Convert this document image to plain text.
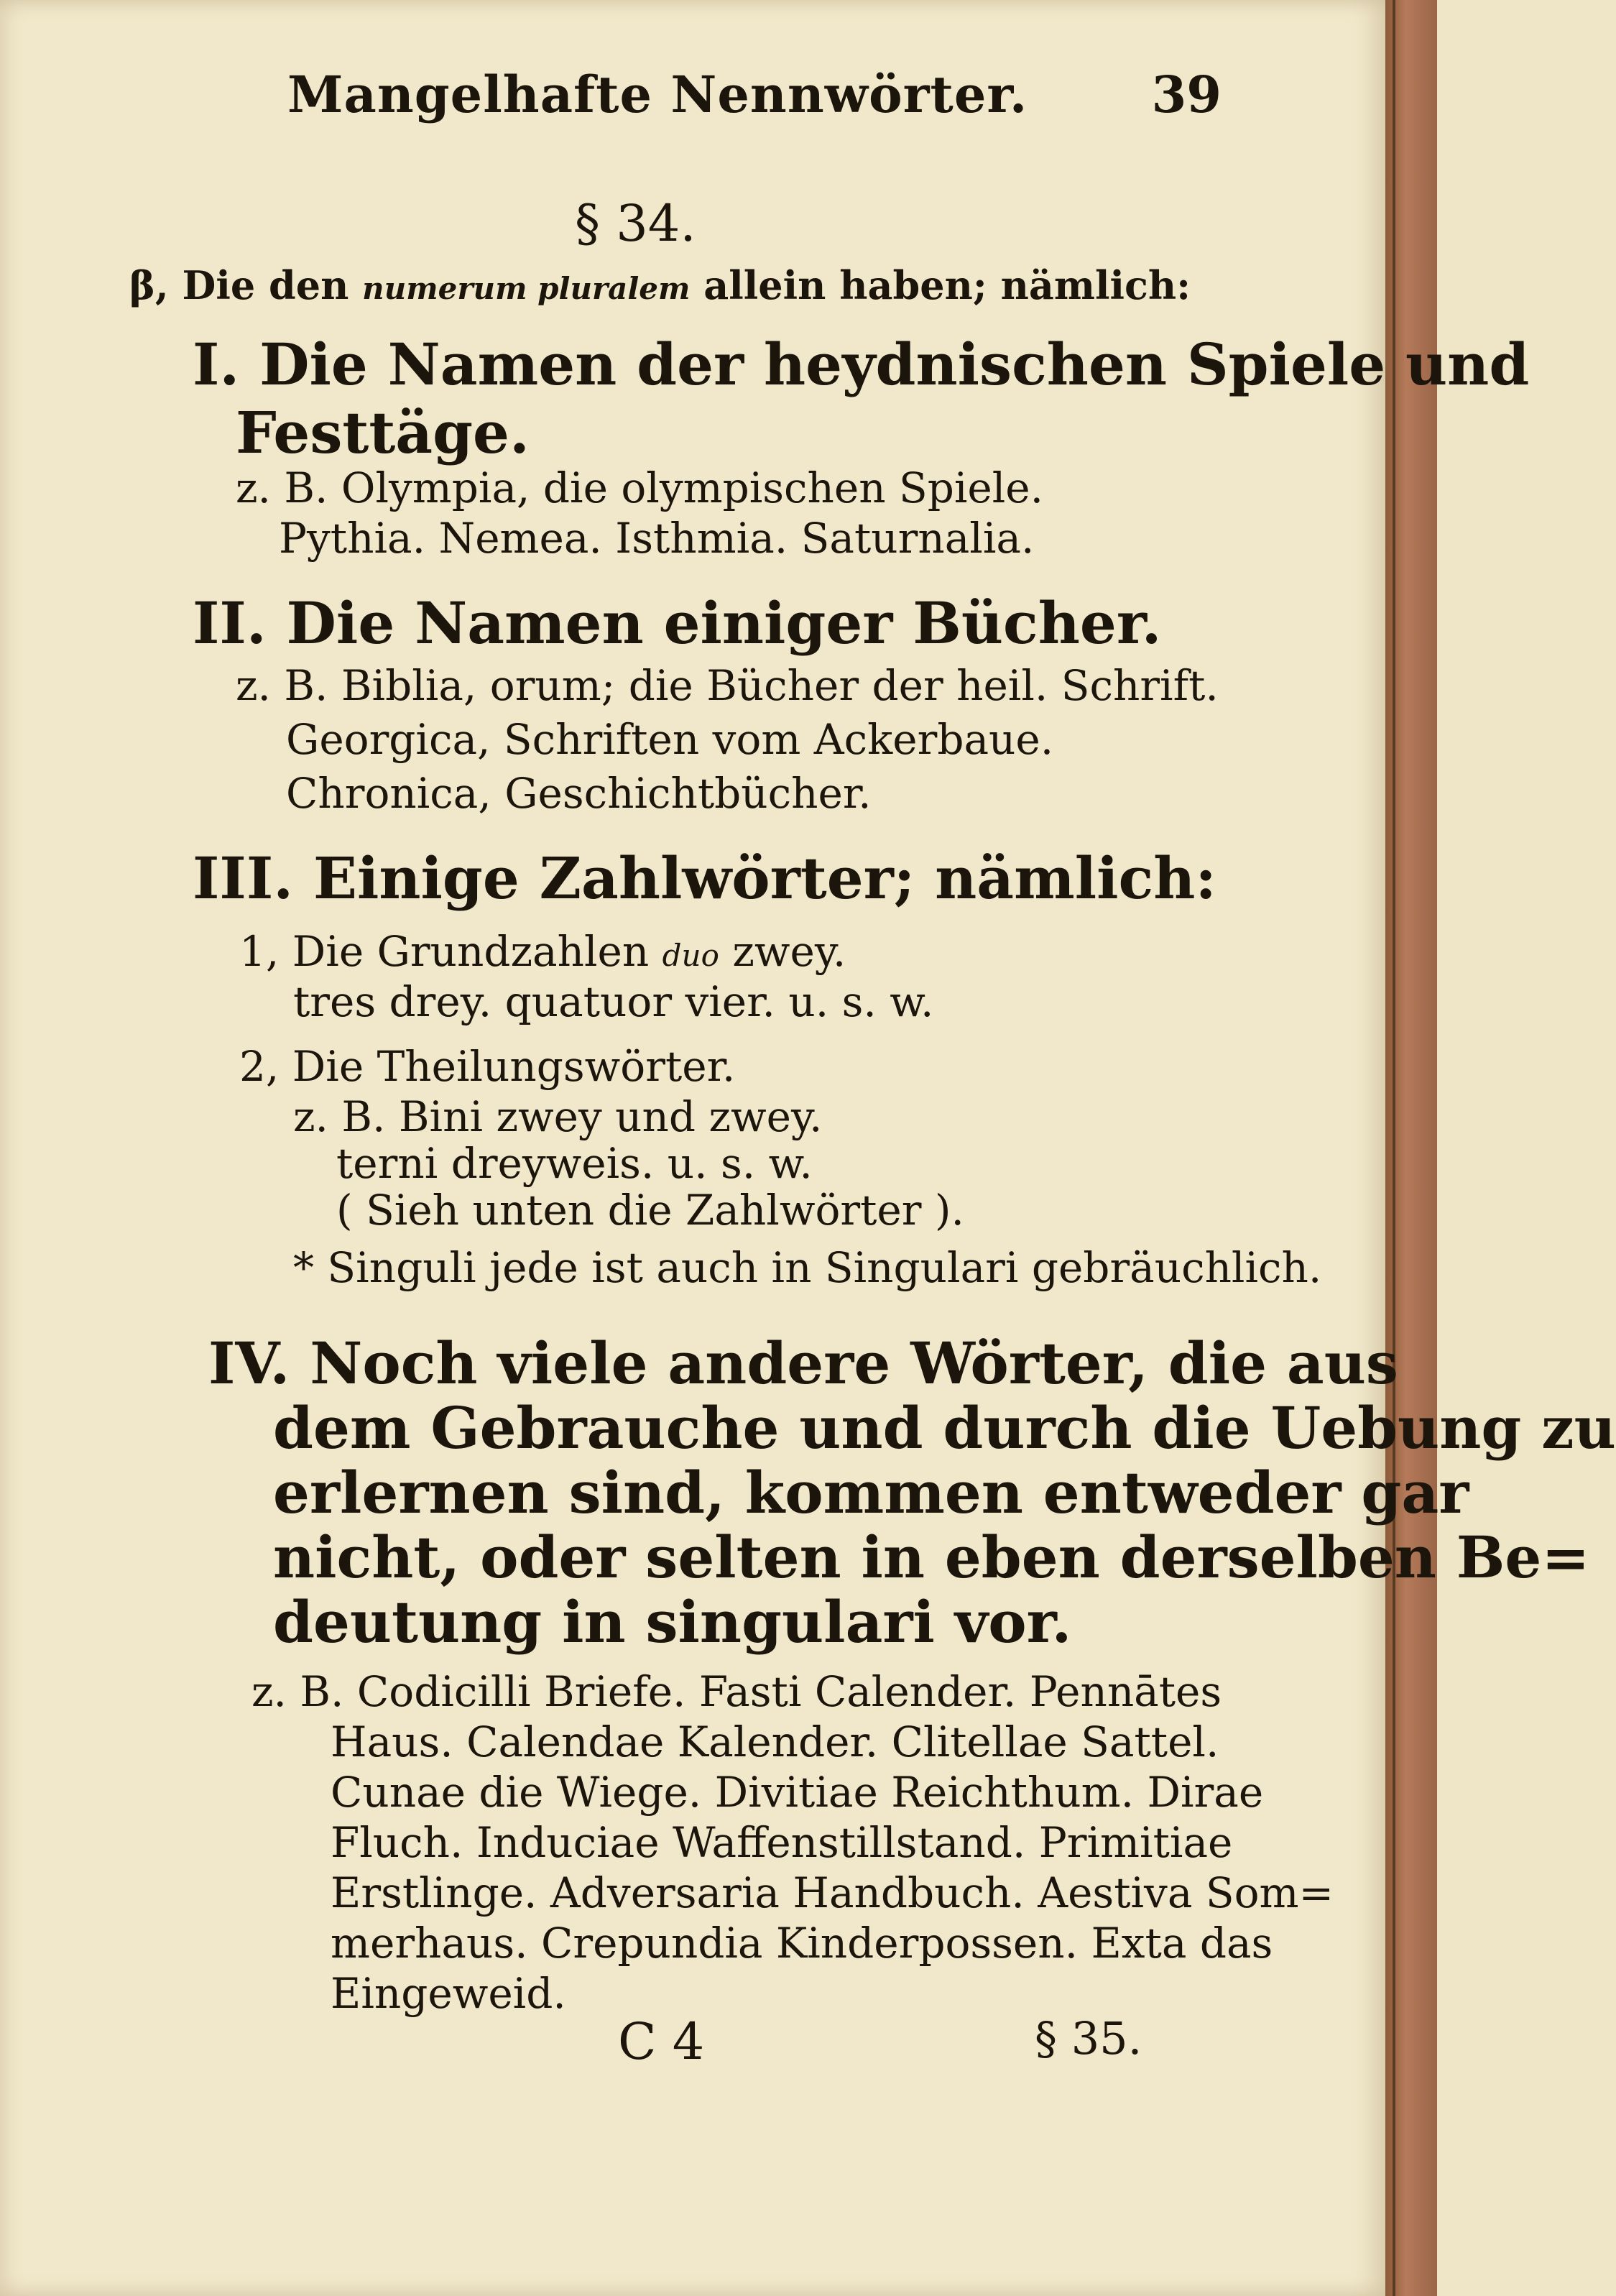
Mangelhafte Nennwörter. 39
§ 34.
β, Die den numerum pluralem allein haben; nämlich:
I. Die Namen der heydnischen Spiele und
Festtäge.
z. B. Olympia, die olympischen Spiele.
Pythia. Nemea. Isthmia. Saturnalia.
II. Die Namen einiger Bücher.
z. B. Biblia, orum; die Bücher der heil. Schrift.
Georgica, Schriften vom Ackerbaue.
Chronica, Geschichtbücher.
III. Einige Zahlwörter; nämlich:
1, Die Grundzahlen duo zwey.
tres drey. quatuor vier. u. s. w.
2, Die Theilungswörter.
z. B. Bini zwey und zwey.
terni dreyweis. u. s. w.
( Sieh unten die Zahlwörter ).
* Singuli jede ist auch in Singulari gebräuchlich.
IV. Noch viele andere Wörter, die aus
dem Gebrauche und durch die Uebung zu
erlernen sind, kommen entweder gar
nicht, oder selten in eben derselben Be=
deutung in singulari vor.
z. B. Codicilli Briefe. Fasti Calender. Pennātes
Haus. Calendae Kalender. Clitellae Sattel.
Cunae die Wiege. Divitiae Reichthum. Dirae
Fluch. Induciae Waffenstillstand. Primitiae
Erstlinge. Adversaria Handbuch. Aestiva Som=
merhaus. Crepundia Kinderpossen. Exta das
Eingeweid.
C 4	§ 35.
